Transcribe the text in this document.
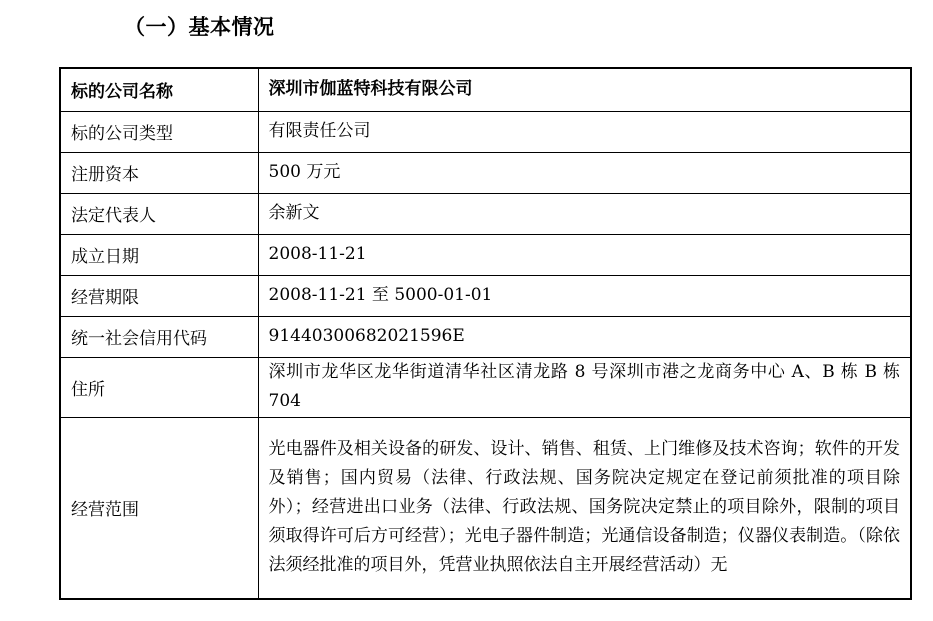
（一）基本情况
标的公司名称	深圳市伽蓝特科技有限公司
标的公司类型	有限责任公司
注册资本	500 万元
法定代表人	余新文
成立日期	2008-11-21
经营期限	2008-11-21 至 5000-01-01
统一社会信用代码	91440300682021596E
住所	深圳市龙华区龙华街道清华社区清龙路 8 号深圳市港之龙商务中心 A、B 栋 B 栋 704
经营范围	光电器件及相关设备的研发、设计、销售、租赁、上门维修及技术咨询；软件的开发及销售；国内贸易（法律、行政法规、国务院决定规定在登记前须批准的项目除外）；经营进出口业务（法律、行政法规、国务院决定禁止的项目除外，限制的项目须取得许可后方可经营）；光电子器件制造；光通信设备制造；仪器仪表制造。（除依法须经批准的项目外，凭营业执照依法自主开展经营活动）无
